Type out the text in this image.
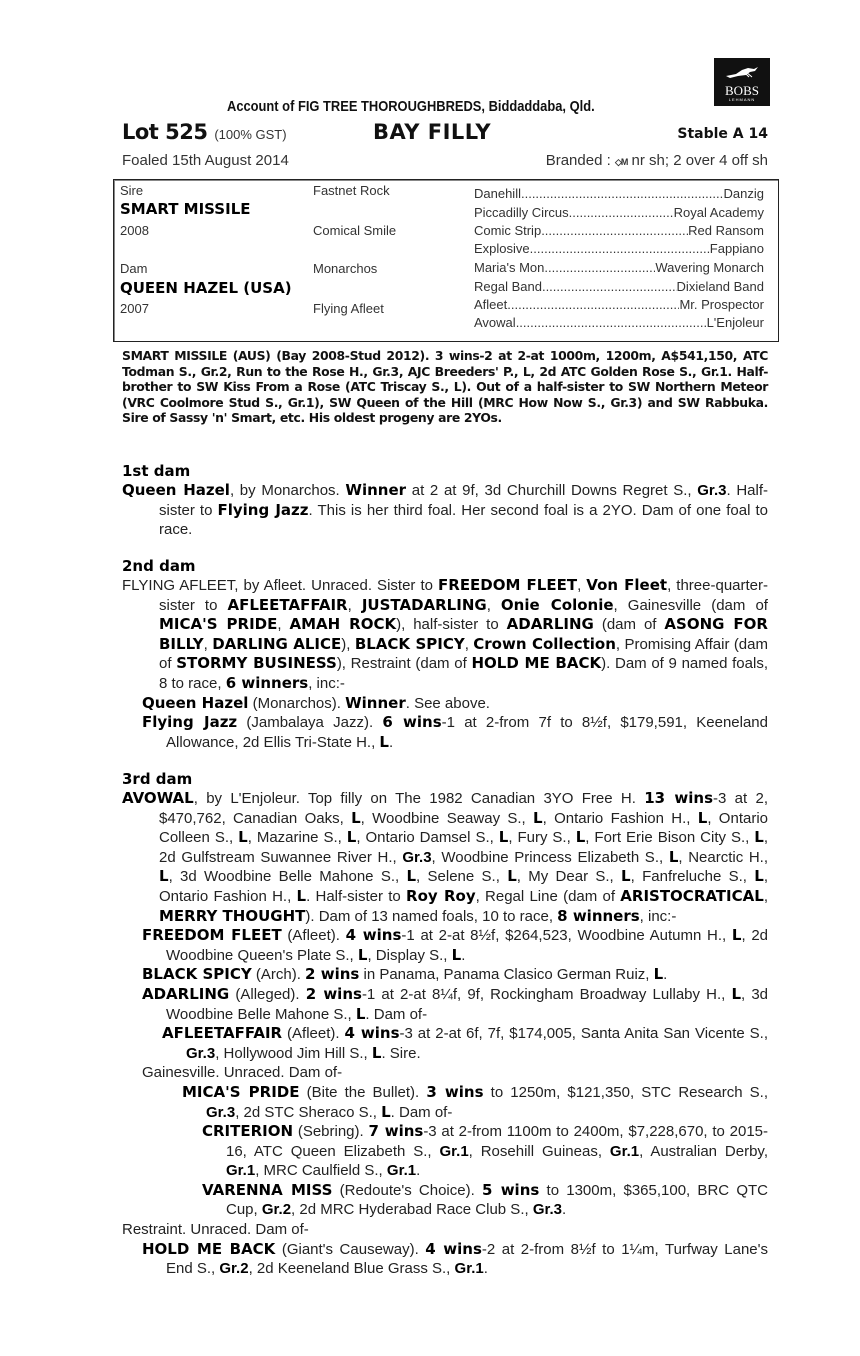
BOBS
LEHMANN
Account of FIG TREE THOROUGHBREDS, Biddaddaba, Qld.
Lot 525 (100% GST)	BAY FILLY	Stable A 14
Foaled 15th August 2014	Branded : ◇M nr sh; 2 over 4 off sh
Sire	Fastnet Rock
SMART MISSILE
2008	Comical Smile
Dam	Monarchos
QUEEN HAZEL (USA)
2007	Flying Afleet
Danehill .....	Danzig
Piccadilly Circus .....	Royal Academy
Comic Strip .....	Red Ransom
Explosive .....	Fappiano
Maria's Mon .....	Wavering Monarch
Regal Band .....	Dixieland Band
Afleet .....	Mr. Prospector
Avowal .....	L'Enjoleur
SMART MISSILE (AUS) (Bay 2008-Stud 2012). 3 wins-2 at 2-at 1000m, 1200m, A$541,150, ATC Todman S., Gr.2, Run to the Rose H., Gr.3, AJC Breeders' P., L, 2d ATC Golden Rose S., Gr.1. Half-brother to SW Kiss From a Rose (ATC Triscay S., L). Out of a half-sister to SW Northern Meteor (VRC Coolmore Stud S., Gr.1), SW Queen of the Hill (MRC How Now S., Gr.3) and SW Rabbuka. Sire of Sassy 'n' Smart, etc. His oldest progeny are 2YOs.
1st dam
Queen Hazel, by Monarchos. Winner at 2 at 9f, 3d Churchill Downs Regret S., Gr.3. Half-sister to Flying Jazz. This is her third foal. Her second foal is a 2YO. Dam of one foal to race.
2nd dam
FLYING AFLEET, by Afleet. Unraced. Sister to FREEDOM FLEET, Von Fleet, three-quarter-sister to AFLEETAFFAIR, JUSTADARLING, Onie Colonie, Gainesville (dam of MICA'S PRIDE, AMAH ROCK), half-sister to ADARLING (dam of ASONG FOR BILLY, DARLING ALICE), BLACK SPICY, Crown Collection, Promising Affair (dam of STORMY BUSINESS), Restraint (dam of HOLD ME BACK). Dam of 9 named foals, 8 to race, 6 winners, inc:-
Queen Hazel (Monarchos). Winner. See above.
Flying Jazz (Jambalaya Jazz). 6 wins-1 at 2-from 7f to 8½f, $179,591, Keeneland Allowance, 2d Ellis Tri-State H., L.
3rd dam
AVOWAL, by L'Enjoleur. Top filly on The 1982 Canadian 3YO Free H. 13 wins-3 at 2, $470,762, Canadian Oaks, L, Woodbine Seaway S., L, Ontario Fashion H., L, Ontario Colleen S., L, Mazarine S., L, Ontario Damsel S., L, Fury S., L, Fort Erie Bison City S., L, 2d Gulfstream Suwannee River H., Gr.3, Woodbine Princess Elizabeth S., L, Nearctic H., L, 3d Woodbine Belle Mahone S., L, Selene S., L, My Dear S., L, Fanfreluche S., L, Ontario Fashion H., L. Half-sister to Roy Roy, Regal Line (dam of ARISTOCRATICAL, MERRY THOUGHT). Dam of 13 named foals, 10 to race, 8 winners, inc:-
FREEDOM FLEET (Afleet). 4 wins-1 at 2-at 8½f, $264,523, Woodbine Autumn H., L, 2d Woodbine Queen's Plate S., L, Display S., L.
BLACK SPICY (Arch). 2 wins in Panama, Panama Clasico German Ruiz, L.
ADARLING (Alleged). 2 wins-1 at 2-at 8¼f, 9f, Rockingham Broadway Lullaby H., L, 3d Woodbine Belle Mahone S., L. Dam of-
AFLEETAFFAIR (Afleet). 4 wins-3 at 2-at 6f, 7f, $174,005, Santa Anita San Vicente S., Gr.3, Hollywood Jim Hill S., L. Sire.
Gainesville. Unraced. Dam of-
MICA'S PRIDE (Bite the Bullet). 3 wins to 1250m, $121,350, STC Research S., Gr.3, 2d STC Sheraco S., L. Dam of-
CRITERION (Sebring). 7 wins-3 at 2-from 1100m to 2400m, $7,228,670, to 2015-16, ATC Queen Elizabeth S., Gr.1, Rosehill Guineas, Gr.1, Australian Derby, Gr.1, MRC Caulfield S., Gr.1.
VARENNA MISS (Redoute's Choice). 5 wins to 1300m, $365,100, BRC QTC Cup, Gr.2, 2d MRC Hyderabad Race Club S., Gr.3.
Restraint. Unraced. Dam of-
HOLD ME BACK (Giant's Causeway). 4 wins-2 at 2-from 8½f to 1¼m, Turfway Lane's End S., Gr.2, 2d Keeneland Blue Grass S., Gr.1.
